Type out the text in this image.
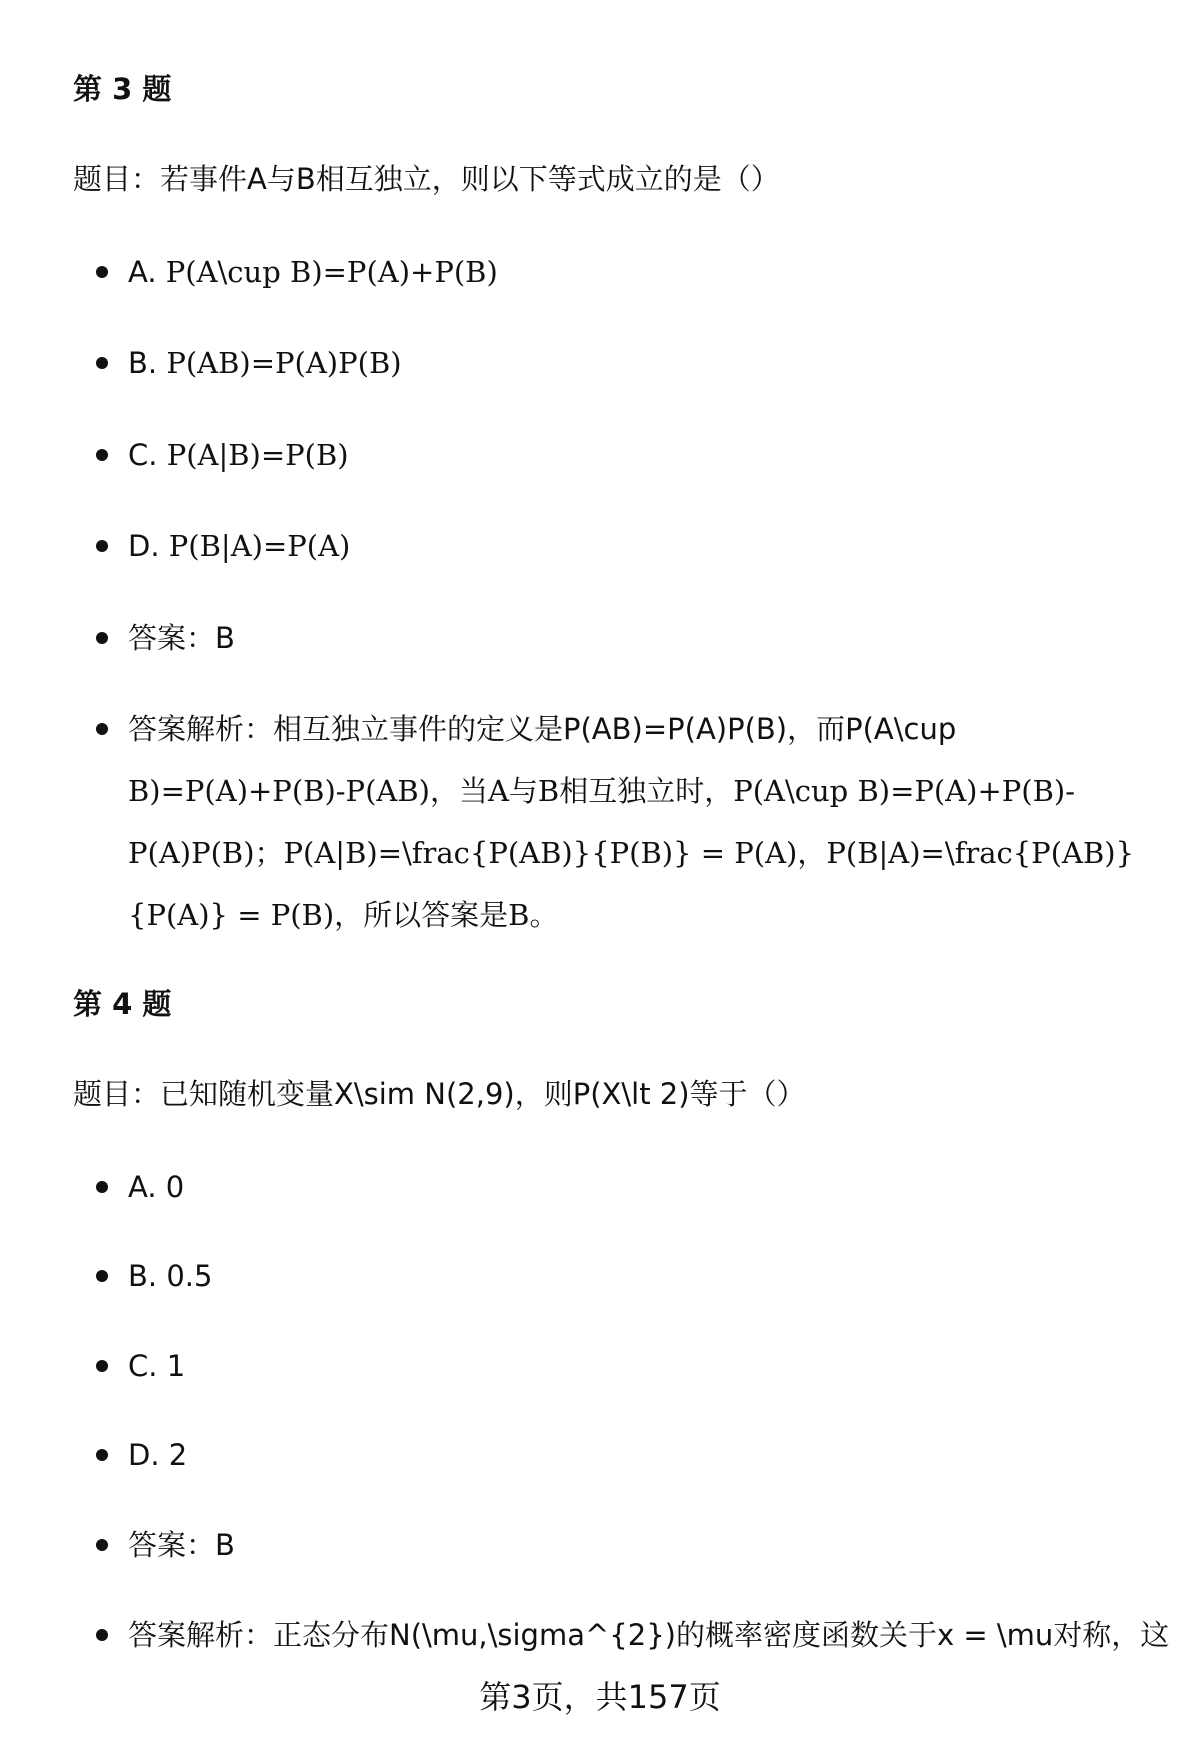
第 3 题
题目：若事件A与B相互独立，则以下等式成立的是（）
A. P(A\cup B)=P(A)+P(B)
B. P(AB)=P(A)P(B)
C. P(A|B)=P(B)
D. P(B|A)=P(A)
答案：B
答案解析：相互独立事件的定义是P(AB)=P(A)P(B)，而P(A\cup
B)=P(A)+P(B)-P(AB)，当A与B相互独立时，P(A\cup B)=P(A)+P(B)-
P(A)P(B)；P(A|B)=\frac{P(AB)}{P(B)} = P(A)，P(B|A)=\frac{P(AB)}
{P(A)} = P(B)，所以答案是B。
第 4 题
题目：已知随机变量X\sim N(2,9)，则P(X\lt 2)等于（）
A. 0
B. 0.5
C. 1
D. 2
答案：B
答案解析：正态分布N(\mu,\sigma^{2})的概率密度函数关于x = \mu对称，这
第3页，共157页
